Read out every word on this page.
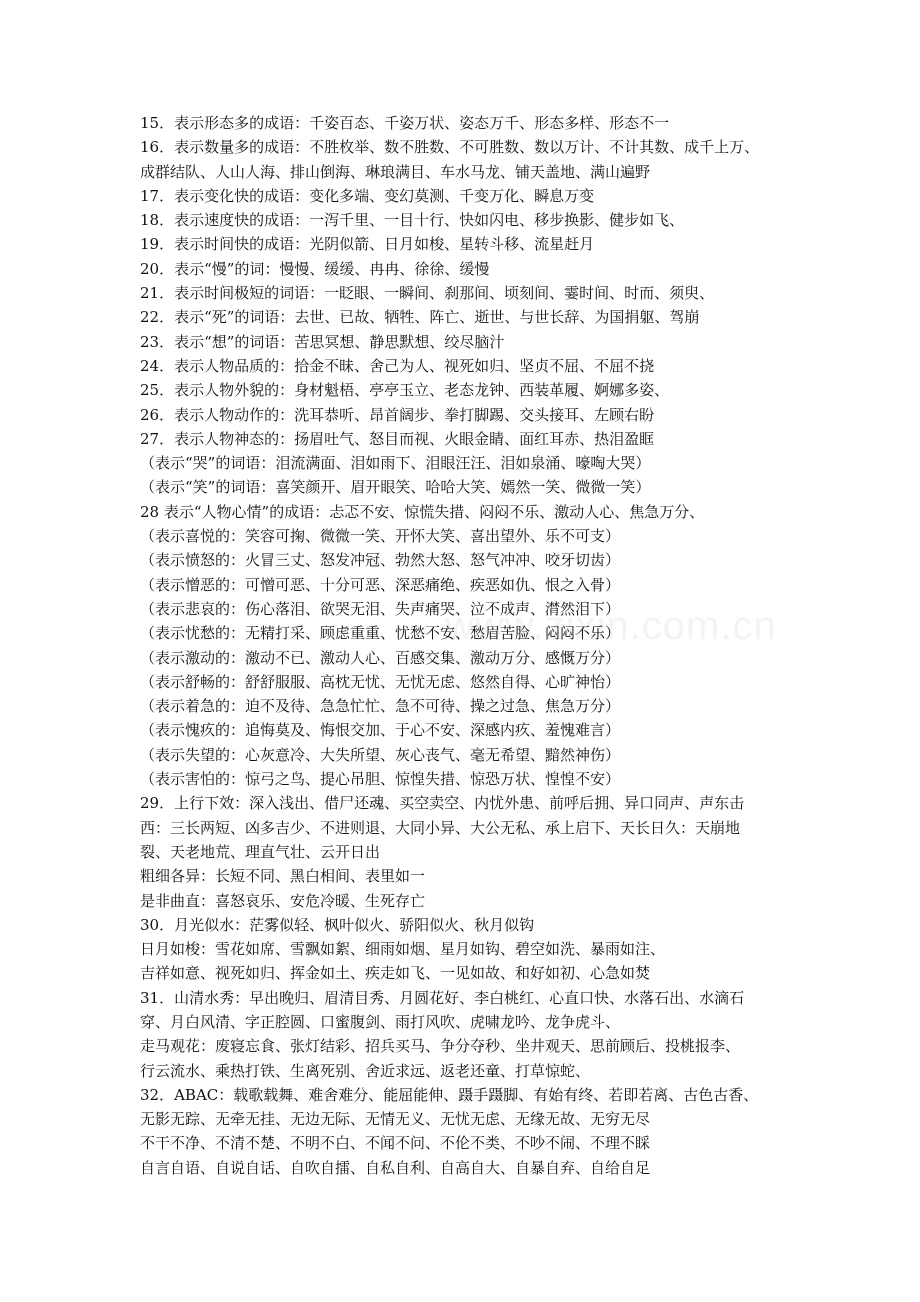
15．表示形态多的成语：千姿百态、千姿万状、姿态万千、形态多样、形态不一
16．表示数量多的成语：不胜枚举、数不胜数、不可胜数、数以万计、不计其数、成千上万、
成群结队、人山人海、排山倒海、琳琅满目、车水马龙、铺天盖地、满山遍野
17．表示变化快的成语：变化多端、变幻莫测、千变万化、瞬息万变
18．表示速度快的成语：一泻千里、一目十行、快如闪电、移步换影、健步如飞、
19．表示时间快的成语：光阴似箭、日月如梭、星转斗移、流星赶月
20．表示“慢”的词：慢慢、缓缓、冉冉、徐徐、缓慢
21．表示时间极短的词语：一眨眼、一瞬间、刹那间、顷刻间、霎时间、时而、须臾、
22．表示“死”的词语：去世、已故、牺牲、阵亡、逝世、与世长辞、为国捐躯、驾崩
23．表示“想”的词语：苦思冥想、静思默想、绞尽脑汁
24．表示人物品质的：拾金不昧、舍己为人、视死如归、坚贞不屈、不屈不挠
25．表示人物外貌的：身材魁梧、亭亭玉立、老态龙钟、西装革履、婀娜多姿、
26．表示人物动作的：洗耳恭听、昂首阔步、拳打脚踢、交头接耳、左顾右盼
27．表示人物神态的：扬眉吐气、怒目而视、火眼金睛、面红耳赤、热泪盈眶
（表示“哭”的词语：泪流满面、泪如雨下、泪眼汪汪、泪如泉涌、嚎啕大哭）
（表示“笑”的词语：喜笑颜开、眉开眼笑、哈哈大笑、嫣然一笑、微微一笑）
28 表示“人物心情”的成语：忐忑不安、惊慌失措、闷闷不乐、激动人心、焦急万分、
（表示喜悦的：笑容可掬、微微一笑、开怀大笑、喜出望外、乐不可支）
（表示愤怒的：火冒三丈、怒发冲冠、勃然大怒、怒气冲冲、咬牙切齿）
（表示憎恶的：可憎可恶、十分可恶、深恶痛绝、疾恶如仇、恨之入骨）
（表示悲哀的：伤心落泪、欲哭无泪、失声痛哭、泣不成声、潸然泪下）
（表示忧愁的：无精打采、顾虑重重、忧愁不安、愁眉苦脸、闷闷不乐）
（表示激动的：激动不已、激动人心、百感交集、激动万分、感慨万分）
（表示舒畅的：舒舒服服、高枕无忧、无忧无虑、悠然自得、心旷神怡）
（表示着急的：迫不及待、急急忙忙、急不可待、操之过急、焦急万分）
（表示愧疚的：追悔莫及、悔恨交加、于心不安、深感内疚、羞愧难言）
（表示失望的：心灰意冷、大失所望、灰心丧气、毫无希望、黯然神伤）
（表示害怕的：惊弓之鸟、提心吊胆、惊惶失措、惊恐万状、惶惶不安）
29．上行下效：深入浅出、借尸还魂、买空卖空、内忧外患、前呼后拥、异口同声、声东击
西：三长两短、凶多吉少、不进则退、大同小异、大公无私、承上启下、天长日久：天崩地
裂、天老地荒、理直气壮、云开日出
粗细各异：长短不同、黑白相间、表里如一
是非曲直：喜怒哀乐、安危冷暖、生死存亡
30．月光似水：茫雾似轻、枫叶似火、骄阳似火、秋月似钩
日月如梭：雪花如席、雪飘如絮、细雨如烟、星月如钩、碧空如洗、暴雨如注、
吉祥如意、视死如归、挥金如土、疾走如飞、一见如故、和好如初、心急如焚
31．山清水秀：早出晚归、眉清目秀、月圆花好、李白桃红、心直口快、水落石出、水滴石
穿、月白风清、字正腔圆、口蜜腹剑、雨打风吹、虎啸龙吟、龙争虎斗、
走马观花：废寝忘食、张灯结彩、招兵买马、争分夺秒、坐井观天、思前顾后、投桃报李、
行云流水、乘热打铁、生离死别、舍近求远、返老还童、打草惊蛇、
32．ABAC：载歌载舞、难舍难分、能屈能伸、蹑手蹑脚、有始有终、若即若离、古色古香、
无影无踪、无牵无挂、无边无际、无情无义、无忧无虑、无缘无故、无穷无尽
不干不净、不清不楚、不明不白、不闻不问、不伦不类、不吵不闹、不理不睬
自言自语、自说自话、自吹自擂、自私自利、自高自大、自暴自弃、自给自足
